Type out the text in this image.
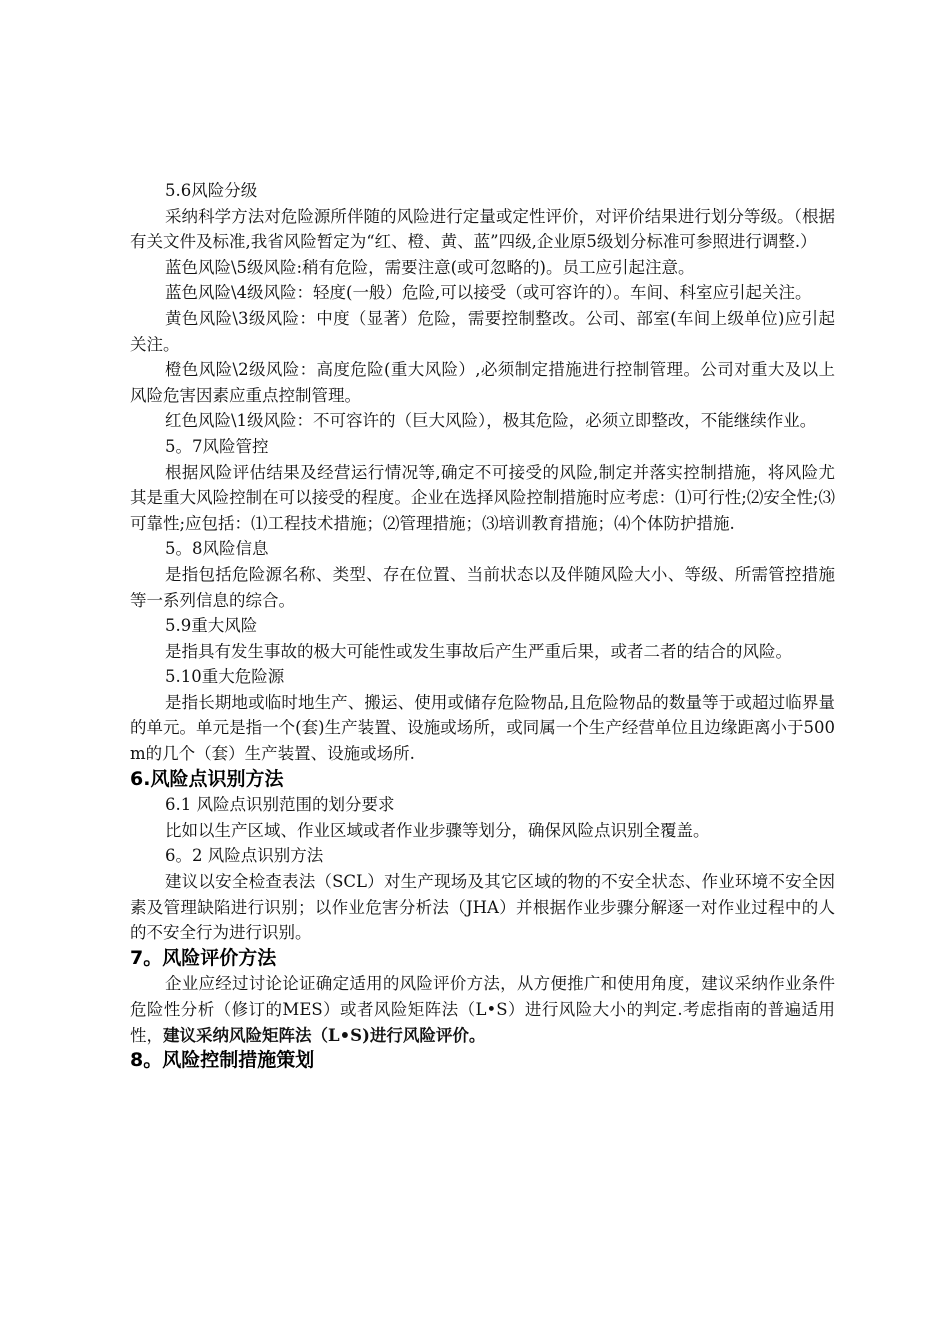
5.6风险分级

采纳科学方法对危险源所伴随的风险进行定量或定性评价，对评价结果进行划分等级。（根据有关文件及标准,我省风险暂定为“红、橙、黄、蓝”四级,企业原5级划分标准可参照进行调整.）

蓝色风险\5级风险:稍有危险，需要注意(或可忽略的)。员工应引起注意。

蓝色风险\4级风险：轻度(一般）危险,可以接受（或可容许的）。车间、科室应引起关注。

黄色风险\3级风险：中度（显著）危险，需要控制整改。公司、部室(车间上级单位)应引起关注。

橙色风险\2级风险：高度危险(重大风险）,必须制定措施进行控制管理。公司对重大及以上风险危害因素应重点控制管理。

红色风险\1级风险：不可容许的（巨大风险），极其危险，必须立即整改，不能继续作业。

5。7风险管控

根据风险评估结果及经营运行情况等,确定不可接受的风险,制定并落实控制措施，将风险尤其是重大风险控制在可以接受的程度。企业在选择风险控制措施时应考虑：⑴可行性;⑵安全性;⑶可靠性;应包括：⑴工程技术措施；⑵管理措施；⑶培训教育措施；⑷个体防护措施.

5。8风险信息

是指包括危险源名称、类型、存在位置、当前状态以及伴随风险大小、等级、所需管控措施等一系列信息的综合。

5.9重大风险

是指具有发生事故的极大可能性或发生事故后产生严重后果，或者二者的结合的风险。

5.10重大危险源

是指长期地或临时地生产、搬运、使用或储存危险物品,且危险物品的数量等于或超过临界量的单元。单元是指一个(套)生产装置、设施或场所，或同属一个生产经营单位且边缘距离小于500m的几个（套）生产装置、设施或场所.

6.风险点识别方法

6.1 风险点识别范围的划分要求

比如以生产区域、作业区域或者作业步骤等划分，确保风险点识别全覆盖。

6。2 风险点识别方法

建议以安全检查表法（SCL）对生产现场及其它区域的物的不安全状态、作业环境不安全因素及管理缺陷进行识别；以作业危害分析法（JHA）并根据作业步骤分解逐一对作业过程中的人的不安全行为进行识别。

7。风险评价方法

企业应经过讨论论证确定适用的风险评价方法，从方便推广和使用角度，建议采纳作业条件危险性分析（修订的MES）或者风险矩阵法（L•S）进行风险大小的判定.考虑指南的普遍适用性，建议采纳风险矩阵法（L•S)进行风险评价。

8。风险控制措施策划
